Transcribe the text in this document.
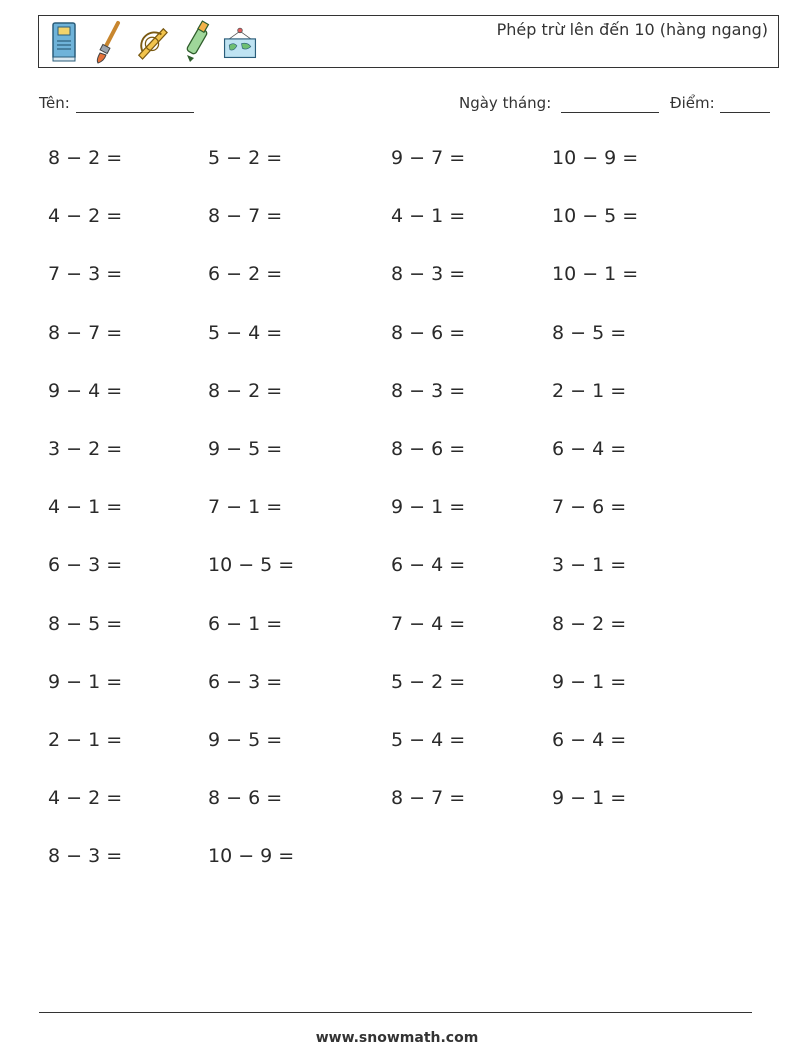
Phép trừ lên đến 10 (hàng ngang)
Tên:	Ngày tháng:	Điểm:
8 − 2 =	5 − 2 =	9 − 7 =	10 − 9 =
4 − 2 =	8 − 7 =	4 − 1 =	10 − 5 =
7 − 3 =	6 − 2 =	8 − 3 =	10 − 1 =
8 − 7 =	5 − 4 =	8 − 6 =	8 − 5 =
9 − 4 =	8 − 2 =	8 − 3 =	2 − 1 =
3 − 2 =	9 − 5 =	8 − 6 =	6 − 4 =
4 − 1 =	7 − 1 =	9 − 1 =	7 − 6 =
6 − 3 =	10 − 5 =	6 − 4 =	3 − 1 =
8 − 5 =	6 − 1 =	7 − 4 =	8 − 2 =
9 − 1 =	6 − 3 =	5 − 2 =	9 − 1 =
2 − 1 =	9 − 5 =	5 − 4 =	6 − 4 =
4 − 2 =	8 − 6 =	8 − 7 =	9 − 1 =
8 − 3 =	10 − 9 =
www.snowmath.com
